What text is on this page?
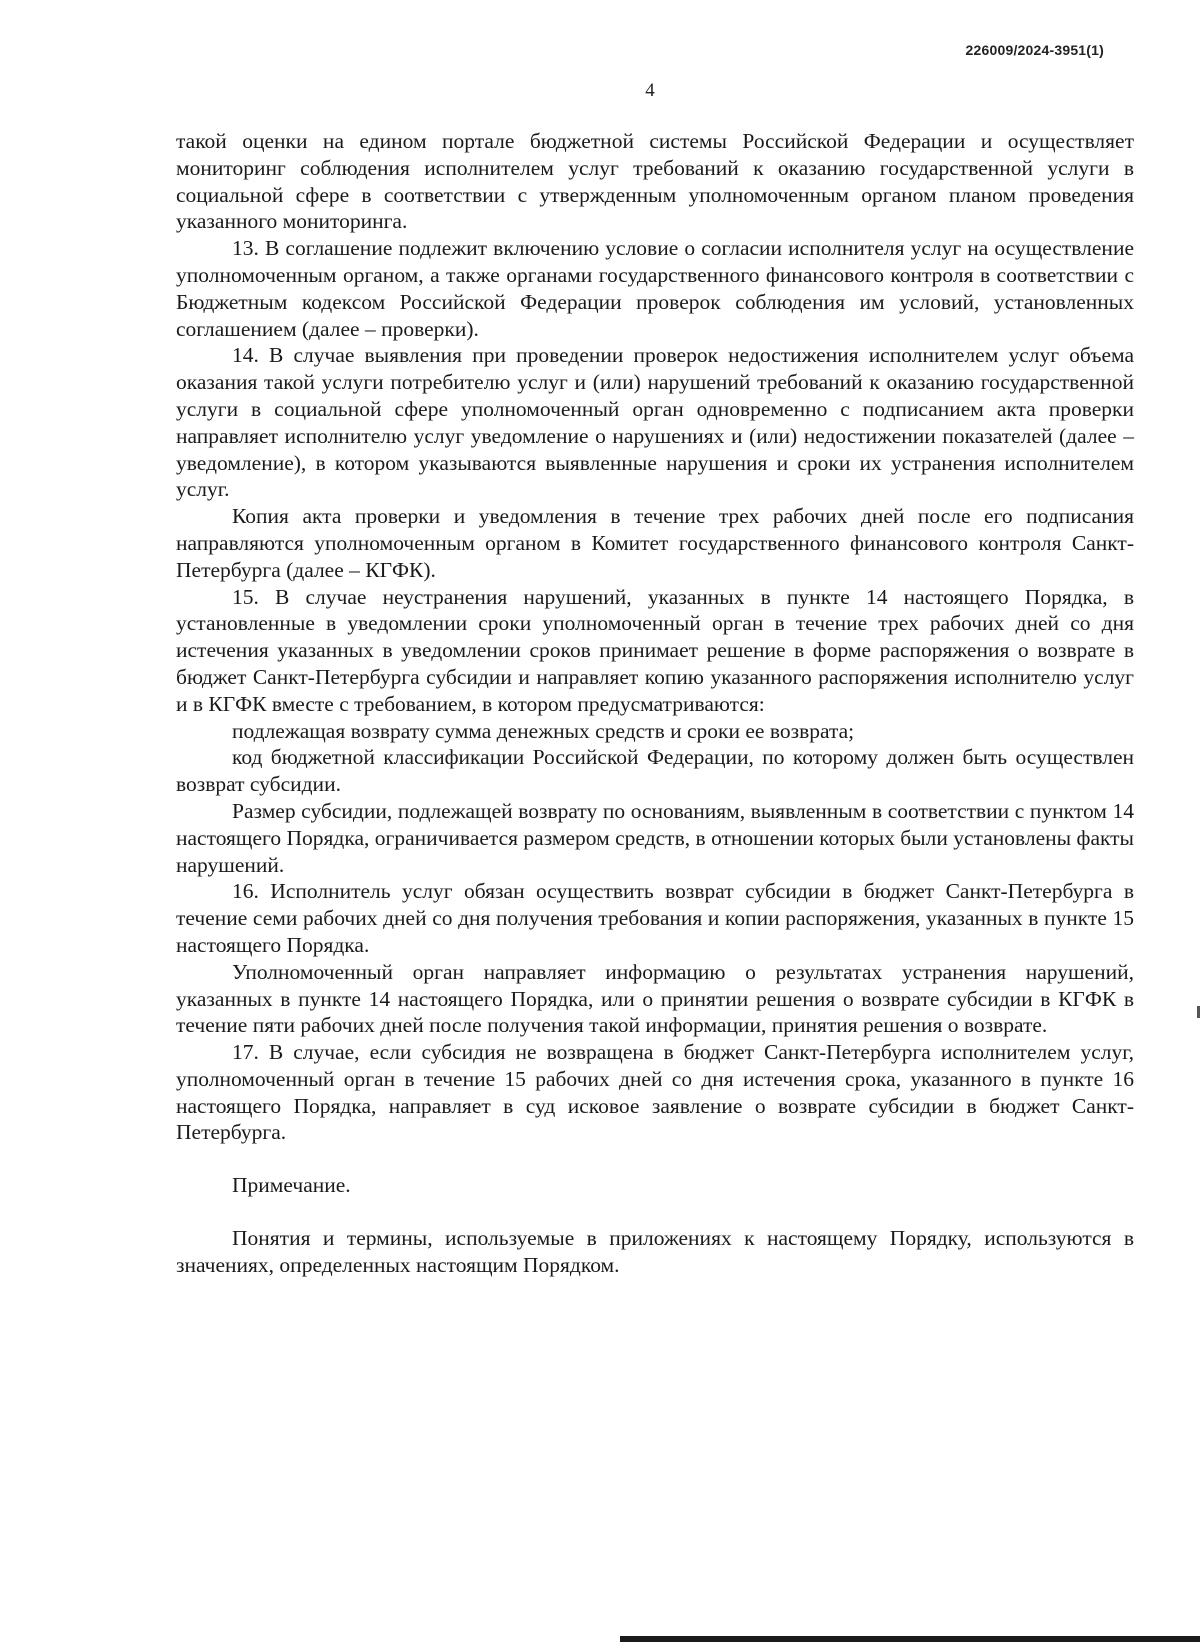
226009/2024-3951(1)
4

такой оценки на едином портале бюджетной системы Российской Федерации и осуществляет мониторинг соблюдения исполнителем услуг требований к оказанию государственной услуги в социальной сфере в соответствии с утвержденным уполномоченным органом планом проведения указанного мониторинга.

13. В соглашение подлежит включению условие о согласии исполнителя услуг на осуществление уполномоченным органом, а также органами государственного финансового контроля в соответствии с Бюджетным кодексом Российской Федерации проверок соблюдения им условий, установленных соглашением (далее – проверки).

14. В случае выявления при проведении проверок недостижения исполнителем услуг объема оказания такой услуги потребителю услуг и (или) нарушений требований к оказанию государственной услуги в социальной сфере уполномоченный орган одновременно с подписанием акта проверки направляет исполнителю услуг уведомление о нарушениях и (или) недостижении показателей (далее – уведомление), в котором указываются выявленные нарушения и сроки их устранения исполнителем услуг.

Копия акта проверки и уведомления в течение трех рабочих дней после его подписания направляются уполномоченным органом в Комитет государственного финансового контроля Санкт-Петербурга (далее – КГФК).

15. В случае неустранения нарушений, указанных в пункте 14 настоящего Порядка, в установленные в уведомлении сроки уполномоченный орган в течение трех рабочих дней со дня истечения указанных в уведомлении сроков принимает решение в форме распоряжения о возврате в бюджет Санкт-Петербурга субсидии и направляет копию указанного распоряжения исполнителю услуг и в КГФК вместе с требованием, в котором предусматриваются:

подлежащая возврату сумма денежных средств и сроки ее возврата;

код бюджетной классификации Российской Федерации, по которому должен быть осуществлен возврат субсидии.

Размер субсидии, подлежащей возврату по основаниям, выявленным в соответствии с пунктом 14 настоящего Порядка, ограничивается размером средств, в отношении которых были установлены факты нарушений.

16. Исполнитель услуг обязан осуществить возврат субсидии в бюджет Санкт-Петербурга в течение семи рабочих дней со дня получения требования и копии распоряжения, указанных в пункте 15 настоящего Порядка.

Уполномоченный орган направляет информацию о результатах устранения нарушений, указанных в пункте 14 настоящего Порядка, или о принятии решения о возврате субсидии в КГФК в течение пяти рабочих дней после получения такой информации, принятия решения о возврате.

17. В случае, если субсидия не возвращена в бюджет Санкт-Петербурга исполнителем услуг, уполномоченный орган в течение 15 рабочих дней со дня истечения срока, указанного в пункте 16 настоящего Порядка, направляет в суд исковое заявление о возврате субсидии в бюджет Санкт-Петербурга.

Примечание.

Понятия и термины, используемые в приложениях к настоящему Порядку, используются в значениях, определенных настоящим Порядком.
